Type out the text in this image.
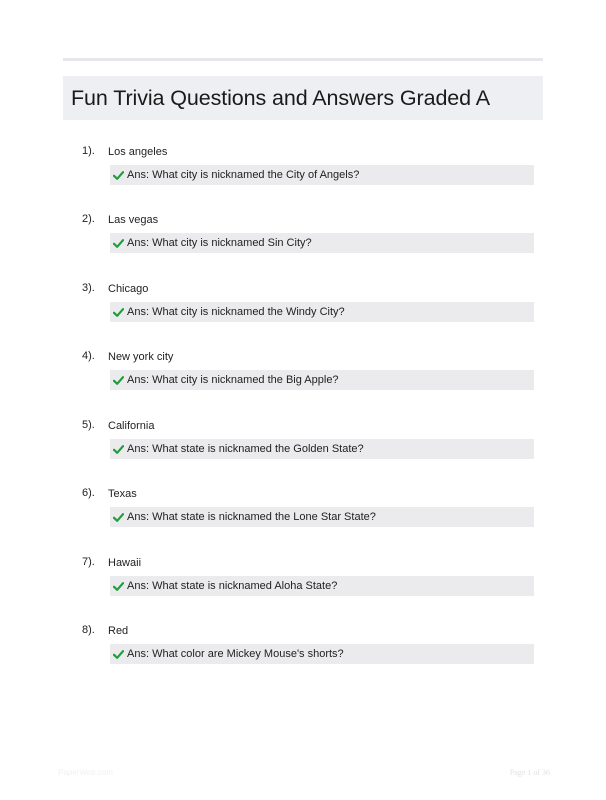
Fun Trivia Questions and Answers Graded A
1). Los angeles
Ans: What city is nicknamed the City of Angels?
2). Las vegas
Ans: What city is nicknamed Sin City?
3). Chicago
Ans: What city is nicknamed the Windy City?
4). New york city
Ans: What city is nicknamed the Big Apple?
5). California
Ans: What state is nicknamed the Golden State?
6). Texas
Ans: What state is nicknamed the Lone Star State?
7). Hawaii
Ans: What state is nicknamed Aloha State?
8). Red
Ans: What color are Mickey Mouse's shorts?
PaperWeb.com	Page 1 of 36
